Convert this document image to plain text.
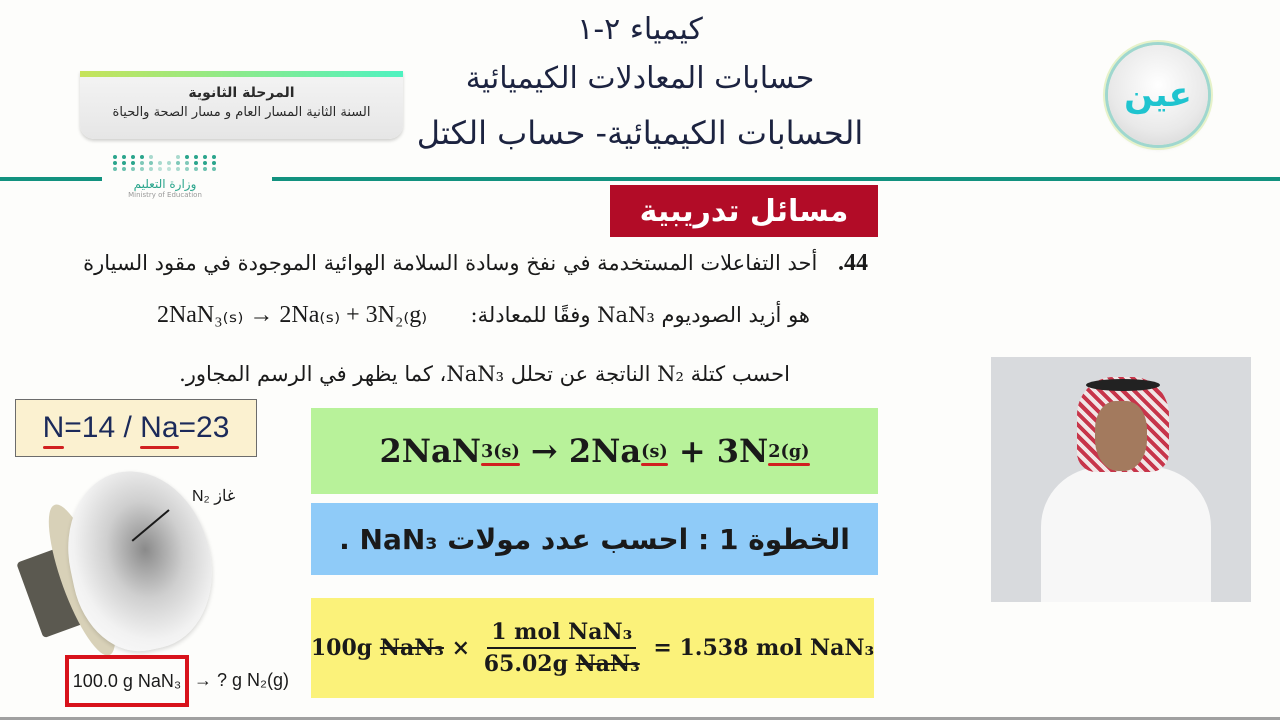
كيمياء ٢-١
حسابات المعادلات الكيميائية
الحسابات الكيميائية- حساب الكتل
المرحلة الثانوية
السنة الثانية المسار العام و مسار الصحة والحياة
وزارة التعليم
Ministry of Education
عين
مسائل تدريبية
44. أحد التفاعلات المستخدمة في نفخ وسادة السلامة الهوائية الموجودة في مقود السيارة
هو أزيد الصوديوم NaN₃ وفقًا للمعادلة:  2NaN₃₍ₛ₎ → 2Na₍ₛ₎ + 3N₂₍g₎
احسب كتلة N₂ الناتجة عن تحلل NaN₃، كما يظهر في الرسم المجاور.
N =14 / Na =23
غاز N₂
100.0 g NaN₃ → ? g N₂(g)
2NaN 3(s) → 2Na (s) + 3N 2(g)
الخطوة 1 : احسب عدد مولات NaN₃ .
100g $NaN_3 \times \frac{\text{1 mol NaN₃}}{\text{65.02g NaN₃}} = 1.538$ mol NaN₃
